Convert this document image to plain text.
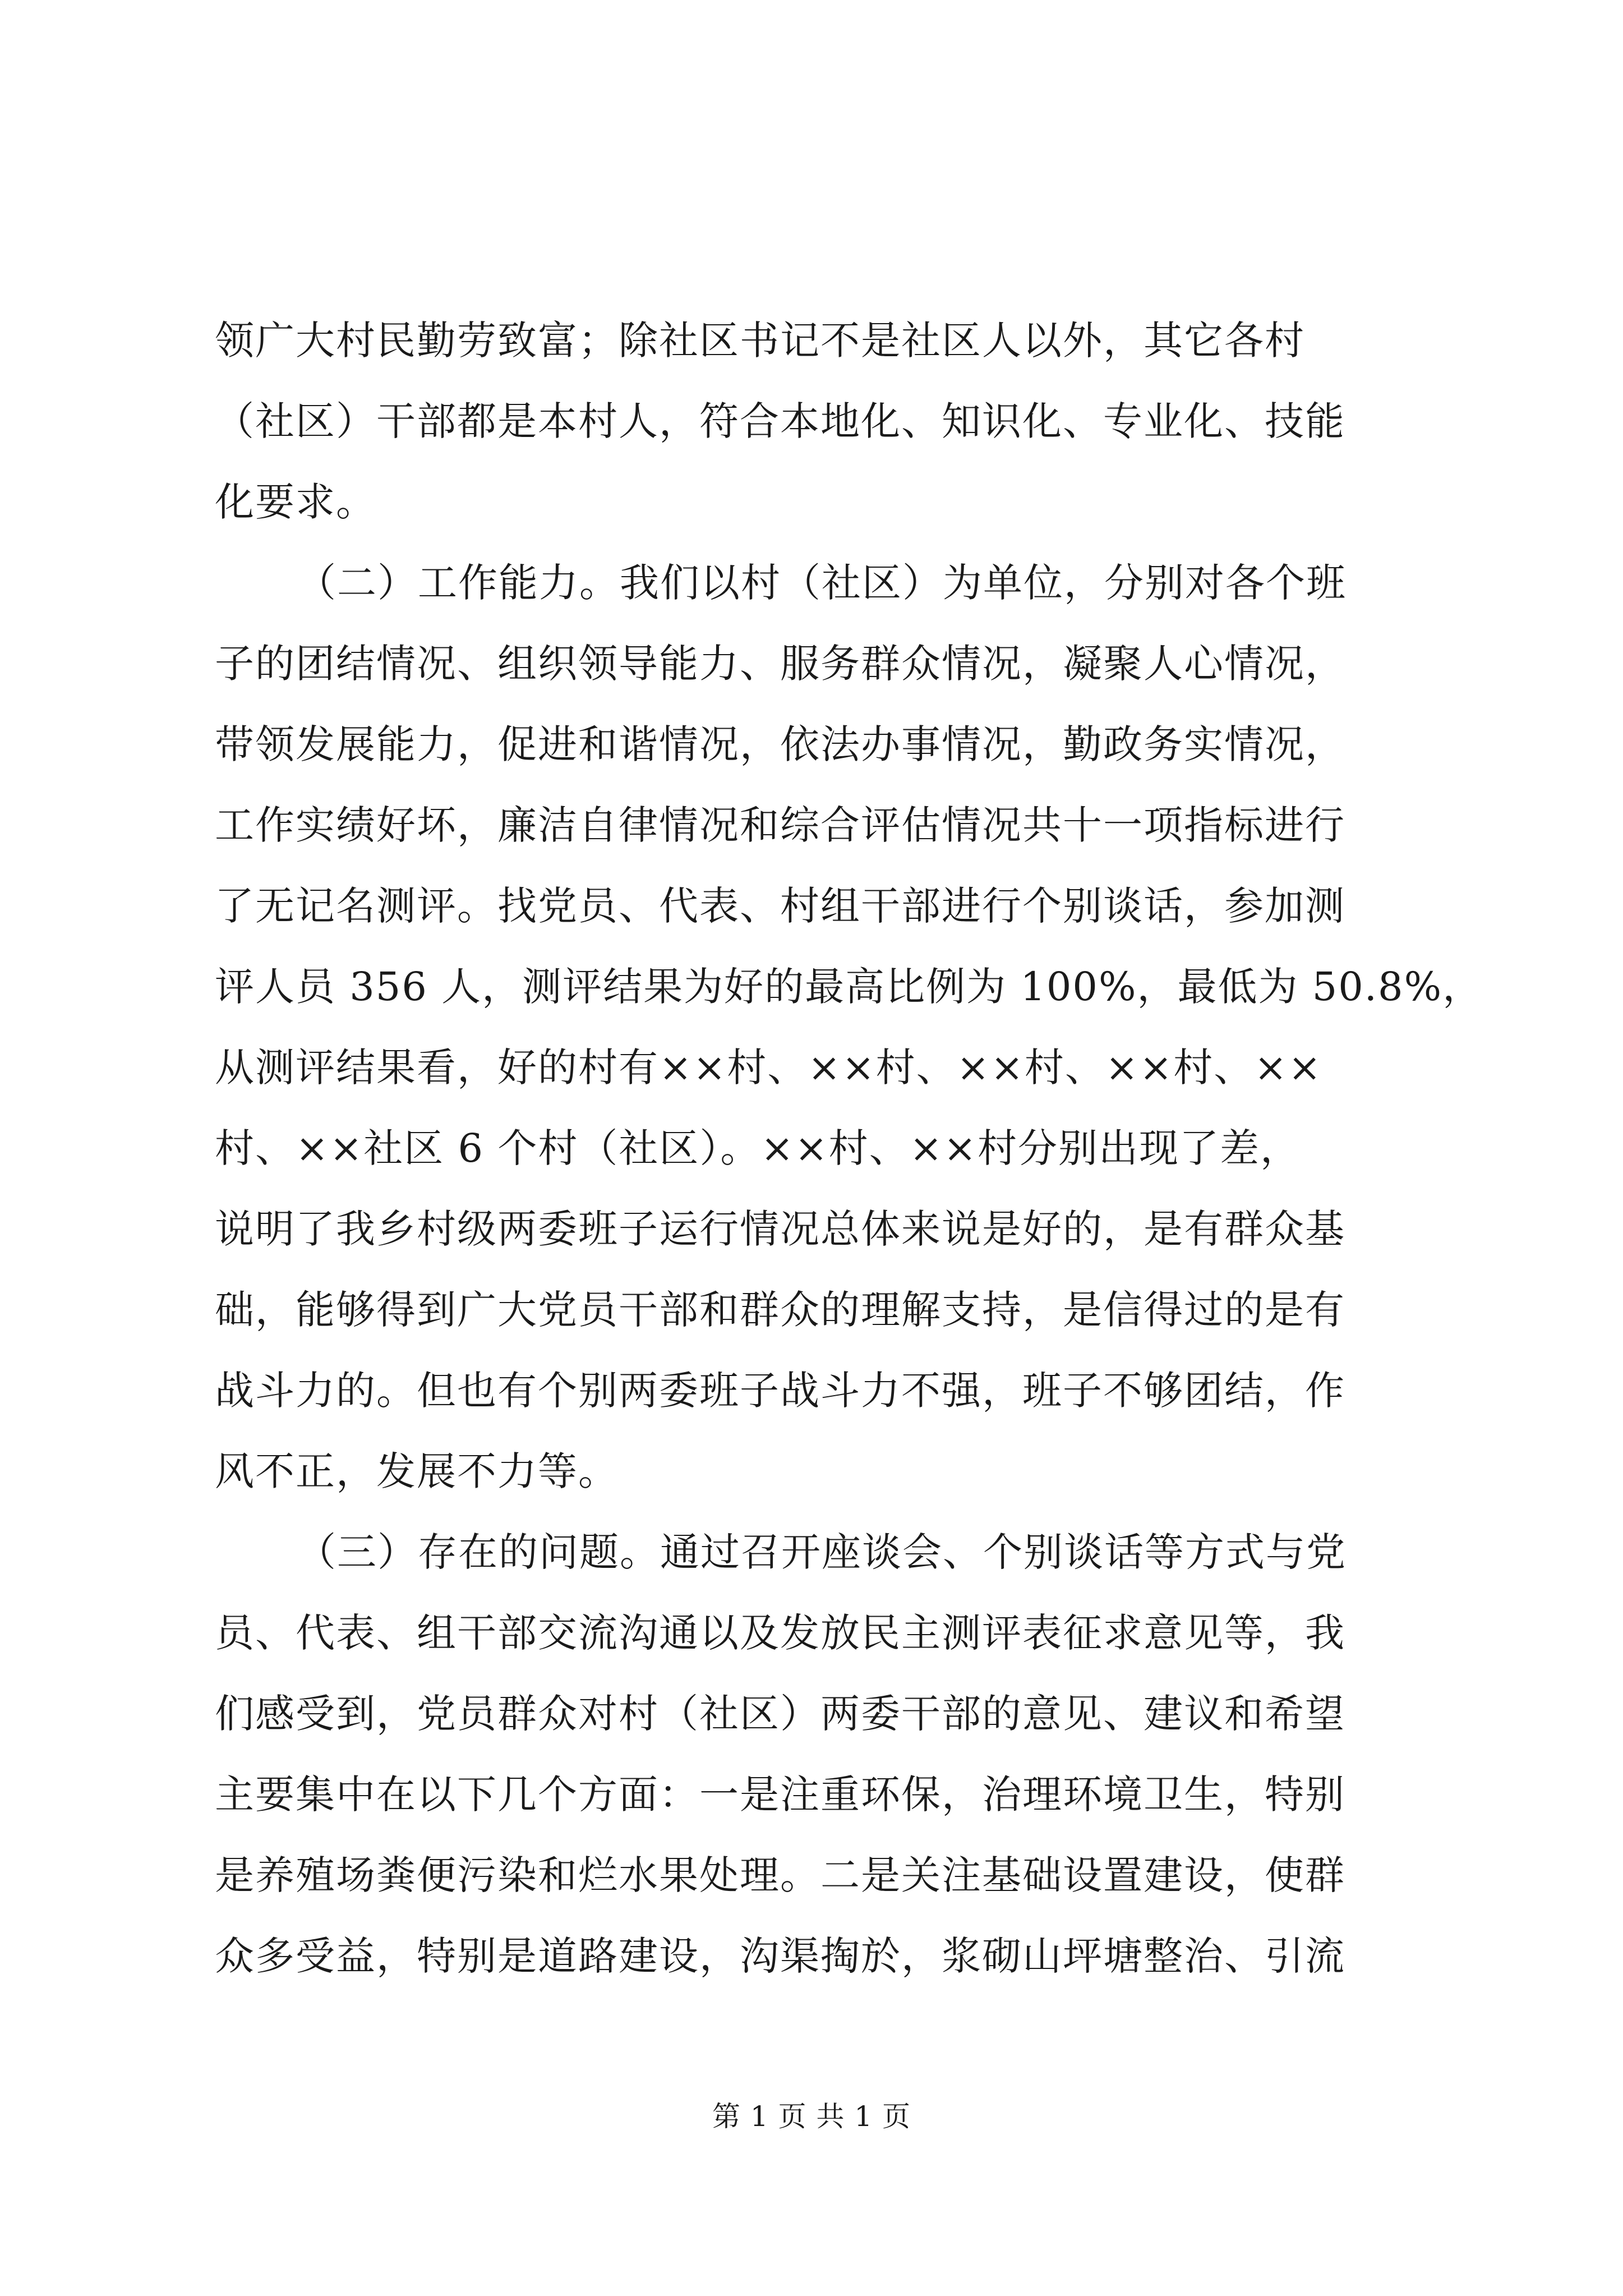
领广大村民勤劳致富；除社区书记不是社区人以外，其它各村
（社区）干部都是本村人，符合本地化、知识化、专业化、技能
化要求。
（二）工作能力。我们以村（社区）为单位，分别对各个班
子的团结情况、组织领导能力、服务群众情况，凝聚人心情况，
带领发展能力，促进和谐情况，依法办事情况，勤政务实情况，
工作实绩好坏，廉洁自律情况和综合评估情况共十一项指标进行
了无记名测评。找党员、代表、村组干部进行个别谈话，参加测
评人员 356 人，测评结果为好的最高比例为 100%，最低为 50.8%，
从测评结果看，好的村有××村、××村、××村、××村、××
村、××社区 6 个村（社区）。××村、××村分别出现了差，
说明了我乡村级两委班子运行情况总体来说是好的，是有群众基
础，能够得到广大党员干部和群众的理解支持，是信得过的是有
战斗力的。但也有个别两委班子战斗力不强，班子不够团结，作
风不正，发展不力等。
（三）存在的问题。通过召开座谈会、个别谈话等方式与党
员、代表、组干部交流沟通以及发放民主测评表征求意见等，我
们感受到，党员群众对村（社区）两委干部的意见、建议和希望
主要集中在以下几个方面：一是注重环保，治理环境卫生，特别
是养殖场粪便污染和烂水果处理。二是关注基础设置建设，使群
众多受益，特别是道路建设，沟渠掏於，浆砌山坪塘整治、引流
第 1 页 共 1 页
